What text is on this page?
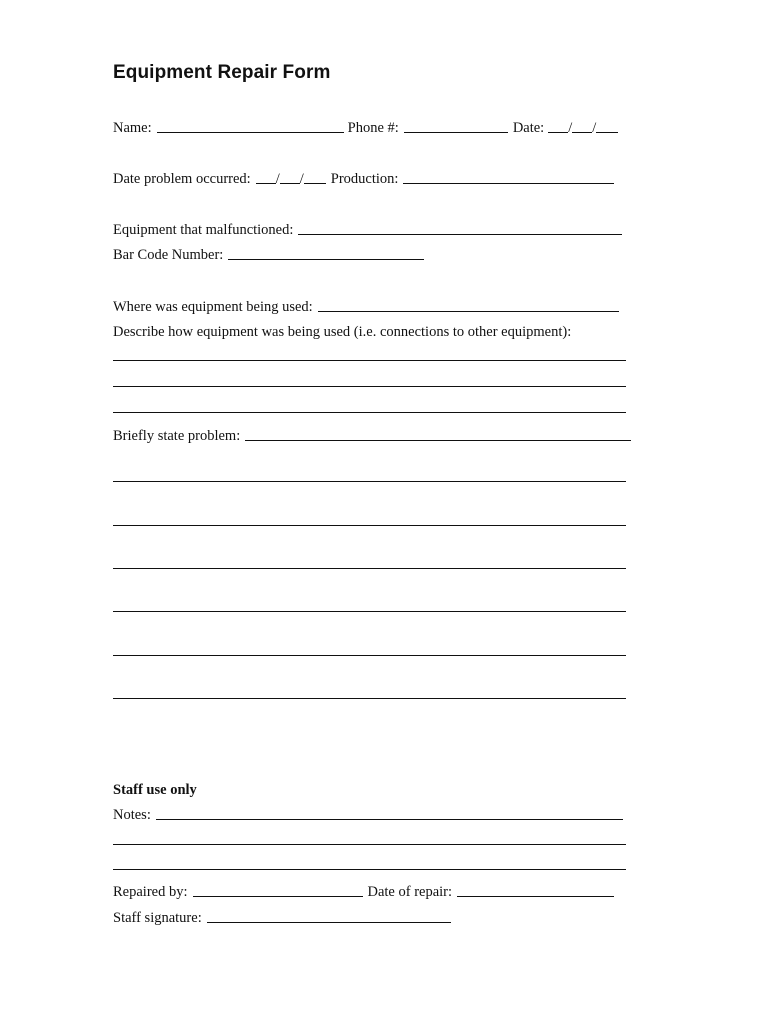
Equipment Repair Form
Name:	Phone #:	Date: / /
Date problem occurred: / / Production:
Equipment that malfunctioned:
Bar Code Number:
Where was equipment being used:
Describe how equipment was being used (i.e. connections to other equipment):
Briefly state problem:
Staff use only
Notes:
Repaired by:	Date of repair:
Staff signature:
